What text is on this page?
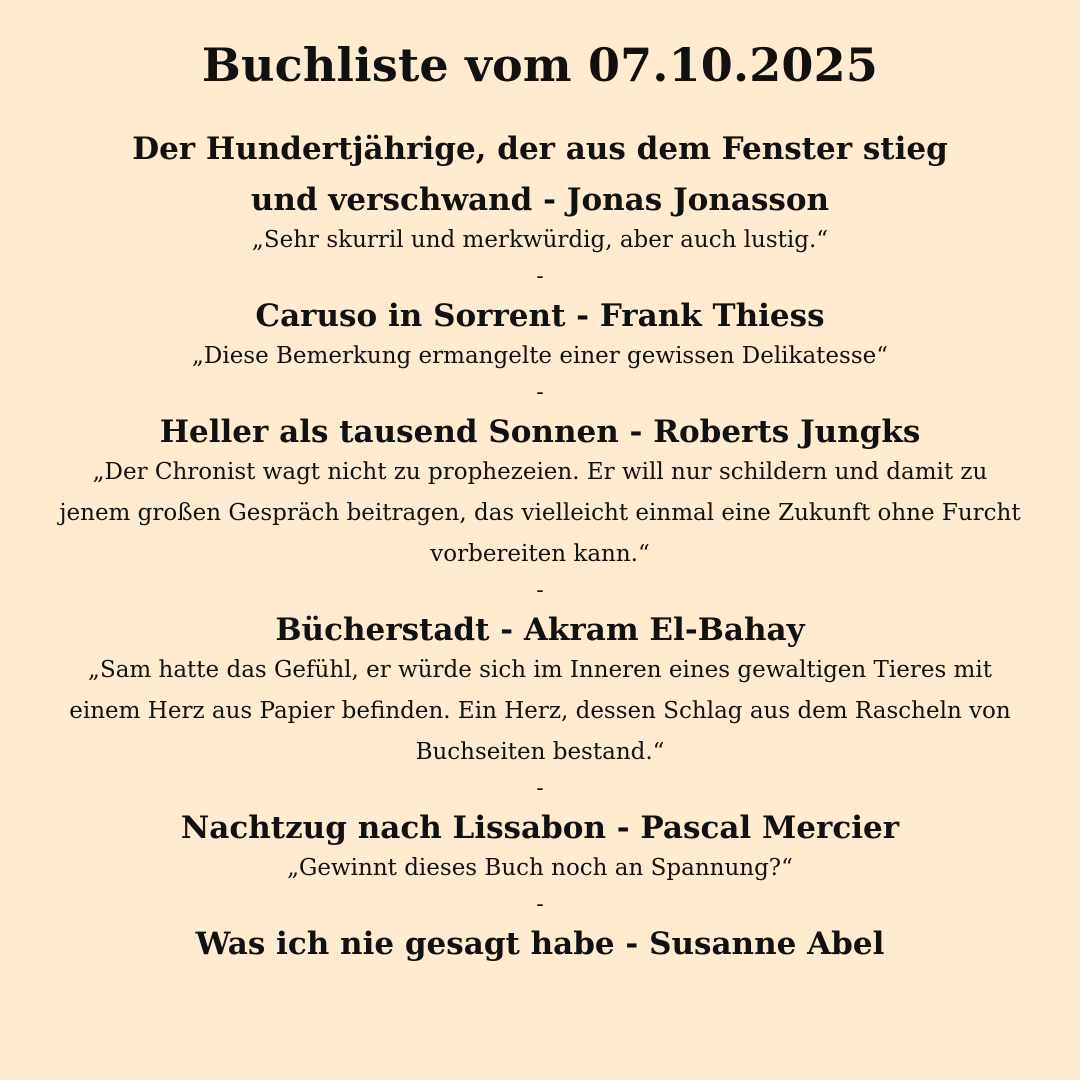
Buchliste vom 07.10.2025
Der Hundertjährige, der aus dem Fenster stieg und verschwand - Jonas Jonasson
„Sehr skurril und merkwürdig, aber auch lustig.“
-
Caruso in Sorrent - Frank Thiess
„Diese Bemerkung ermangelte einer gewissen Delikatesse“
-
Heller als tausend Sonnen - Roberts Jungks
„Der Chronist wagt nicht zu prophezeien. Er will nur schildern und damit zu jenem großen Gespräch beitragen, das vielleicht einmal eine Zukunft ohne Furcht vorbereiten kann.“
-
Bücherstadt - Akram El-Bahay
„Sam hatte das Gefühl, er würde sich im Inneren eines gewaltigen Tieres mit einem Herz aus Papier befinden. Ein Herz, dessen Schlag aus dem Rascheln von Buchseiten bestand.“
-
Nachtzug nach Lissabon - Pascal Mercier
„Gewinnt dieses Buch noch an Spannung?“
-
Was ich nie gesagt habe - Susanne Abel
